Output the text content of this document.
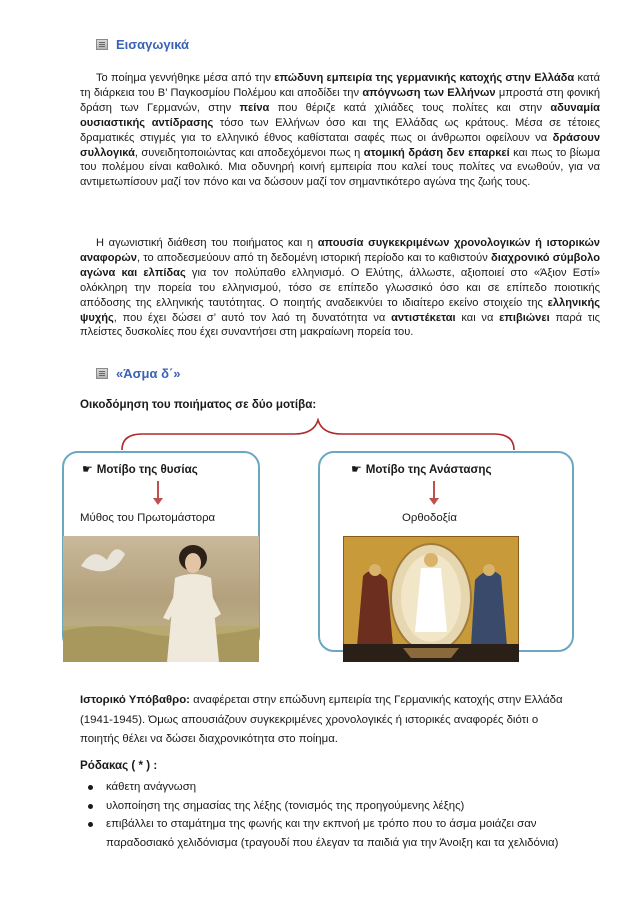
Εισαγωγικά

Το ποίημα γεννήθηκε μέσα από την επώδυνη εμπειρία της γερμανικής κατοχής στην Ελλάδα κατά τη διάρκεια του Β’ Παγκοσμίου Πολέμου και αποδίδει την απόγνωση των Ελλήνων μπροστά στη φονική δράση των Γερμανών, στην πείνα που θέριζε κατά χιλιάδες τους πολίτες και στην αδυναμία ουσιαστικής αντίδρασης τόσο των Ελλήνων όσο και της Ελλάδας ως κράτους. Μέσα σε τέτοιες δραματικές στιγμές για το ελληνικό έθνος καθίσταται σαφές πως οι άνθρωποι οφείλουν να δράσουν συλλογικά, συνειδητοποιώντας και αποδεχόμενοι πως η ατομική δράση δεν επαρκεί και πως το βίωμα του πολέμου είναι καθολικό. Μια οδυνηρή κοινή εμπειρία που καλεί τους πολίτες να ενωθούν, για να αντιμετωπίσουν μαζί τον πόνο και να δώσουν μαζί τον σημαντικότερο αγώνα της ζωής τους.

Η αγωνιστική διάθεση του ποιήματος και η απουσία συγκεκριμένων χρονολογικών ή ιστορικών αναφορών, το αποδεσμεύουν από τη δεδομένη ιστορική περίοδο και το καθιστούν διαχρονικό σύμβολο αγώνα και ελπίδας για τον πολύπαθο ελληνισμό. Ο Ελύτης, άλλωστε, αξιοποιεί στο «Άξιον Εστί» ολόκληρη την πορεία του ελληνισμού, τόσο σε επίπεδο γλωσσικό όσο και σε επίπεδο ποιοτικής απόδοσης της ελληνικής ταυτότητας. Ο ποιητής αναδεικνύει το ιδιαίτερο εκείνο στοιχείο της ελληνικής ψυχής, που έχει δώσει σ’ αυτό τον λαό τη δυνατότητα να αντιστέκεται και να επιβιώνει παρά τις πλείστες δυσκολίες που έχει συναντήσει στη μακραίωνη πορεία του.

«Άσμα δ΄»

Οικοδόμηση του ποιήματος σε δύο μοτίβα:

☛ Μοτίβο της θυσίας
Μύθος του Πρωτομάστορα
☛ Μοτίβο της Ανάστασης
Ορθοδοξία

Ιστορικό Υπόβαθρο: αναφέρεται στην επώδυνη εμπειρία της Γερμανικής κατοχής στην Ελλάδα (1941-1945). Όμως απουσιάζουν συγκεκριμένες χρονολογικές ή ιστορικές αναφορές διότι ο ποιητής θέλει να δώσει διαχρονικότητα στο ποίημα.

Ρόδακας ( * ) :

κάθετη ανάγνωση
υλοποίηση της σημασίας της λέξης (τονισμός της προηγούμενης λέξης)
επιβάλλει το σταμάτημα της φωνής και την εκπνοή με τρόπο που το άσμα μοιάζει σαν παραδοσιακό χελιδόνισμα (τραγουδί που έλεγαν τα παιδιά για την Άνοιξη και τα χελιδόνια)
